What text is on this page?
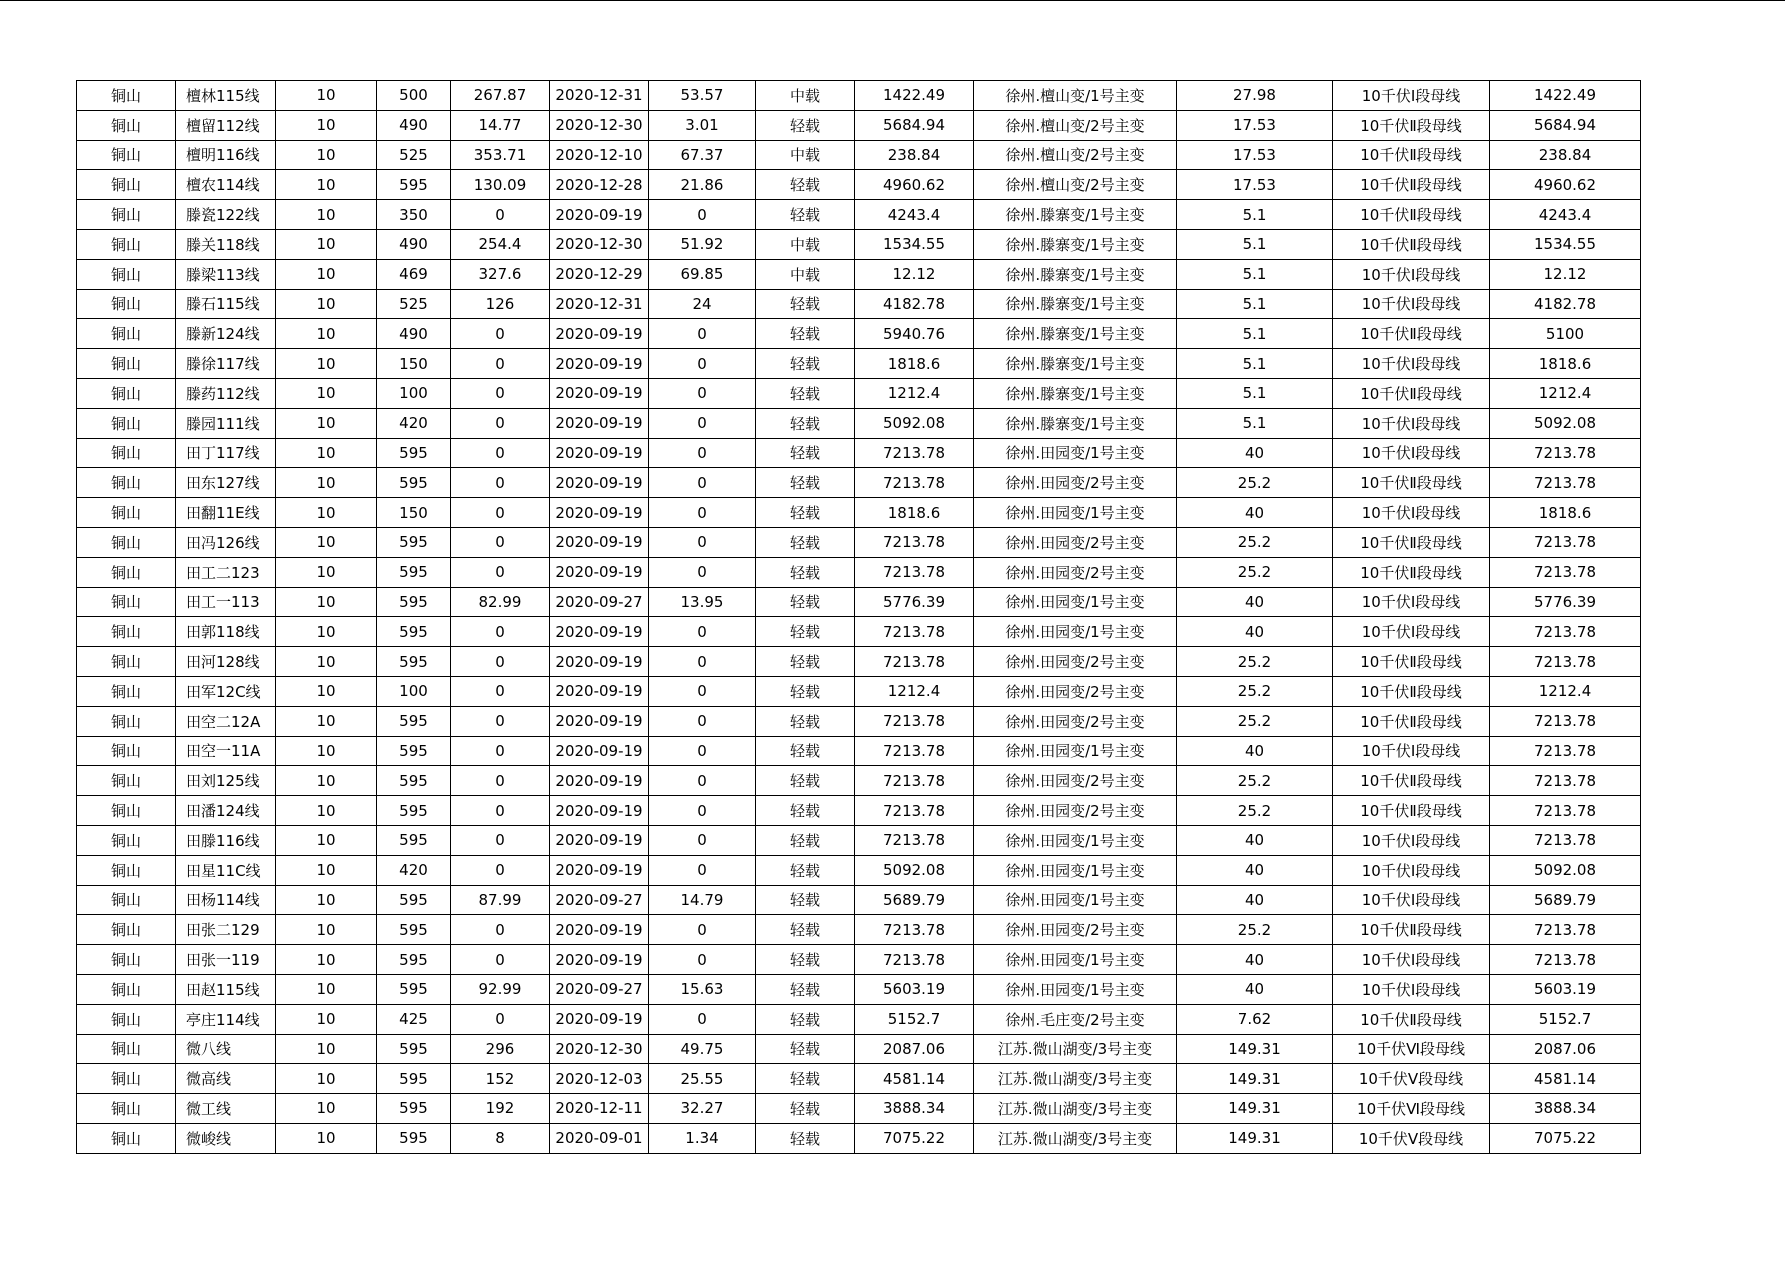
铜山	檀林115线	10	500	267.87	2020-12-31	53.57	中载	1422.49	徐州.檀山变/1号主变	27.98	10千伏Ⅰ段母线	1422.49
铜山	檀留112线	10	490	14.77	2020-12-30	3.01	轻载	5684.94	徐州.檀山变/2号主变	17.53	10千伏Ⅱ段母线	5684.94
铜山	檀明116线	10	525	353.71	2020-12-10	67.37	中载	238.84	徐州.檀山变/2号主变	17.53	10千伏Ⅱ段母线	238.84
铜山	檀农114线	10	595	130.09	2020-12-28	21.86	轻载	4960.62	徐州.檀山变/2号主变	17.53	10千伏Ⅱ段母线	4960.62
铜山	滕瓷122线	10	350	0	2020-09-19	0	轻载	4243.4	徐州.滕寨变/1号主变	5.1	10千伏Ⅱ段母线	4243.4
铜山	滕关118线	10	490	254.4	2020-12-30	51.92	中载	1534.55	徐州.滕寨变/1号主变	5.1	10千伏Ⅱ段母线	1534.55
铜山	滕梁113线	10	469	327.6	2020-12-29	69.85	中载	12.12	徐州.滕寨变/1号主变	5.1	10千伏Ⅰ段母线	12.12
铜山	滕石115线	10	525	126	2020-12-31	24	轻载	4182.78	徐州.滕寨变/1号主变	5.1	10千伏Ⅰ段母线	4182.78
铜山	滕新124线	10	490	0	2020-09-19	0	轻载	5940.76	徐州.滕寨变/1号主变	5.1	10千伏Ⅱ段母线	5100
铜山	滕徐117线	10	150	0	2020-09-19	0	轻载	1818.6	徐州.滕寨变/1号主变	5.1	10千伏Ⅰ段母线	1818.6
铜山	滕药112线	10	100	0	2020-09-19	0	轻载	1212.4	徐州.滕寨变/1号主变	5.1	10千伏Ⅱ段母线	1212.4
铜山	滕园111线	10	420	0	2020-09-19	0	轻载	5092.08	徐州.滕寨变/1号主变	5.1	10千伏Ⅰ段母线	5092.08
铜山	田丁117线	10	595	0	2020-09-19	0	轻载	7213.78	徐州.田园变/1号主变	40	10千伏Ⅰ段母线	7213.78
铜山	田东127线	10	595	0	2020-09-19	0	轻载	7213.78	徐州.田园变/2号主变	25.2	10千伏Ⅱ段母线	7213.78
铜山	田翻11E线	10	150	0	2020-09-19	0	轻载	1818.6	徐州.田园变/1号主变	40	10千伏Ⅰ段母线	1818.6
铜山	田冯126线	10	595	0	2020-09-19	0	轻载	7213.78	徐州.田园变/2号主变	25.2	10千伏Ⅱ段母线	7213.78
铜山	田工二123	10	595	0	2020-09-19	0	轻载	7213.78	徐州.田园变/2号主变	25.2	10千伏Ⅱ段母线	7213.78
铜山	田工一113	10	595	82.99	2020-09-27	13.95	轻载	5776.39	徐州.田园变/1号主变	40	10千伏Ⅰ段母线	5776.39
铜山	田郭118线	10	595	0	2020-09-19	0	轻载	7213.78	徐州.田园变/1号主变	40	10千伏Ⅰ段母线	7213.78
铜山	田河128线	10	595	0	2020-09-19	0	轻载	7213.78	徐州.田园变/2号主变	25.2	10千伏Ⅱ段母线	7213.78
铜山	田军12C线	10	100	0	2020-09-19	0	轻载	1212.4	徐州.田园变/2号主变	25.2	10千伏Ⅱ段母线	1212.4
铜山	田空二12A	10	595	0	2020-09-19	0	轻载	7213.78	徐州.田园变/2号主变	25.2	10千伏Ⅱ段母线	7213.78
铜山	田空一11A	10	595	0	2020-09-19	0	轻载	7213.78	徐州.田园变/1号主变	40	10千伏Ⅰ段母线	7213.78
铜山	田刘125线	10	595	0	2020-09-19	0	轻载	7213.78	徐州.田园变/2号主变	25.2	10千伏Ⅱ段母线	7213.78
铜山	田潘124线	10	595	0	2020-09-19	0	轻载	7213.78	徐州.田园变/2号主变	25.2	10千伏Ⅱ段母线	7213.78
铜山	田滕116线	10	595	0	2020-09-19	0	轻载	7213.78	徐州.田园变/1号主变	40	10千伏Ⅰ段母线	7213.78
铜山	田星11C线	10	420	0	2020-09-19	0	轻载	5092.08	徐州.田园变/1号主变	40	10千伏Ⅰ段母线	5092.08
铜山	田杨114线	10	595	87.99	2020-09-27	14.79	轻载	5689.79	徐州.田园变/1号主变	40	10千伏Ⅰ段母线	5689.79
铜山	田张二129	10	595	0	2020-09-19	0	轻载	7213.78	徐州.田园变/2号主变	25.2	10千伏Ⅱ段母线	7213.78
铜山	田张一119	10	595	0	2020-09-19	0	轻载	7213.78	徐州.田园变/1号主变	40	10千伏Ⅰ段母线	7213.78
铜山	田赵115线	10	595	92.99	2020-09-27	15.63	轻载	5603.19	徐州.田园变/1号主变	40	10千伏Ⅰ段母线	5603.19
铜山	亭庄114线	10	425	0	2020-09-19	0	轻载	5152.7	徐州.毛庄变/2号主变	7.62	10千伏Ⅱ段母线	5152.7
铜山	微八线	10	595	296	2020-12-30	49.75	轻载	2087.06	江苏.微山湖变/3号主变	149.31	10千伏Ⅵ段母线	2087.06
铜山	微高线	10	595	152	2020-12-03	25.55	轻载	4581.14	江苏.微山湖变/3号主变	149.31	10千伏Ⅴ段母线	4581.14
铜山	微工线	10	595	192	2020-12-11	32.27	轻载	3888.34	江苏.微山湖变/3号主变	149.31	10千伏Ⅵ段母线	3888.34
铜山	微峻线	10	595	8	2020-09-01	1.34	轻载	7075.22	江苏.微山湖变/3号主变	149.31	10千伏Ⅴ段母线	7075.22
